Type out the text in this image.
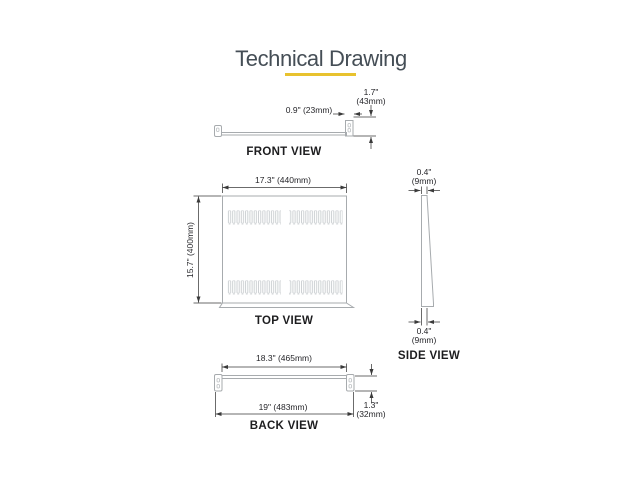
Technical Drawing
0.9" (23mm)
1.7"
(43mm)
FRONT VIEW
17.3" (440mm)
15.7" (400mm)
TOP VIEW
0.4"
(9mm)
0.4"
(9mm)
SIDE VIEW
18.3" (465mm)
19" (483mm)	1.3"
(32mm)
BACK VIEW
